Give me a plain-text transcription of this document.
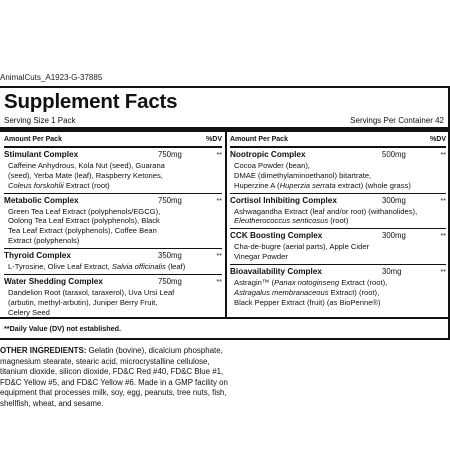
AnimalCuts_A1923-G-37885
Supplement Facts
Serving Size 1 Pack	Servings Per Container 42
Amount Per Pack	%DV
Stimulant Complex	750mg	**
Caffeine Anhydrous, Kola Nut (seed), Guarana
(seed), Yerba Mate (leaf), Raspberry Ketones,
Coleus forskohlii Extract (root)
Metabolic Complex	750mg	**
Green Tea Leaf Extract (polyphenols/EGCG),
Oolong Tea Leaf Extract (polyphenols), Black
Tea Leaf Extract (polyphenols), Coffee Bean
Extract (polyphenols)
Thyroid Complex	350mg	**
L-Tyrosine, Olive Leaf Extract, Salvia officinalis (leaf)
Water Shedding Complex	750mg	**
Dandelion Root (taraxol, taraxerol), Uva Ursi Leaf
(arbutin, methyl-arbutin), Juniper Berry Fruit,
Celery Seed
Amount Per Pack	%DV
Nootropic Complex	500mg	**
Cocoa Powder (bean),
DMAE (dimethylaminoethanol) bitartrate,
Huperzine A (Huperzia serrata extract) (whole grass)
Cortisol Inhibiting Complex	300mg	**
Ashwagandha Extract (leaf and/or root) (withanolides),
Eleutherococcus senticosus (root)
CCK Boosting Complex	300mg	**
Cha-de-bugre (aerial parts), Apple Cider
Vinegar Powder
Bioavailability Complex	30mg	**
Astragin™ (Panax notoginseng Extract (root),
Astragalus membranaceous Extract) (root),
Black Pepper Extract (fruit) (as BioPerine®)
**Daily Value (DV) not established.
OTHER INGREDIENTS: Gelatin (bovine), dicalcium phosphate,
magnesium stearate, stearic acid, microcrystalline cellulose,
titanium dioxide, silicon dioxide, FD&C Red #40, FD&C Blue #1,
FD&C Yellow #5, and FD&C Yellow #6. Made in a GMP facility on
equipment that processes milk, soy, egg, peanuts, tree nuts, fish,
shellfish, wheat, and sesame.
